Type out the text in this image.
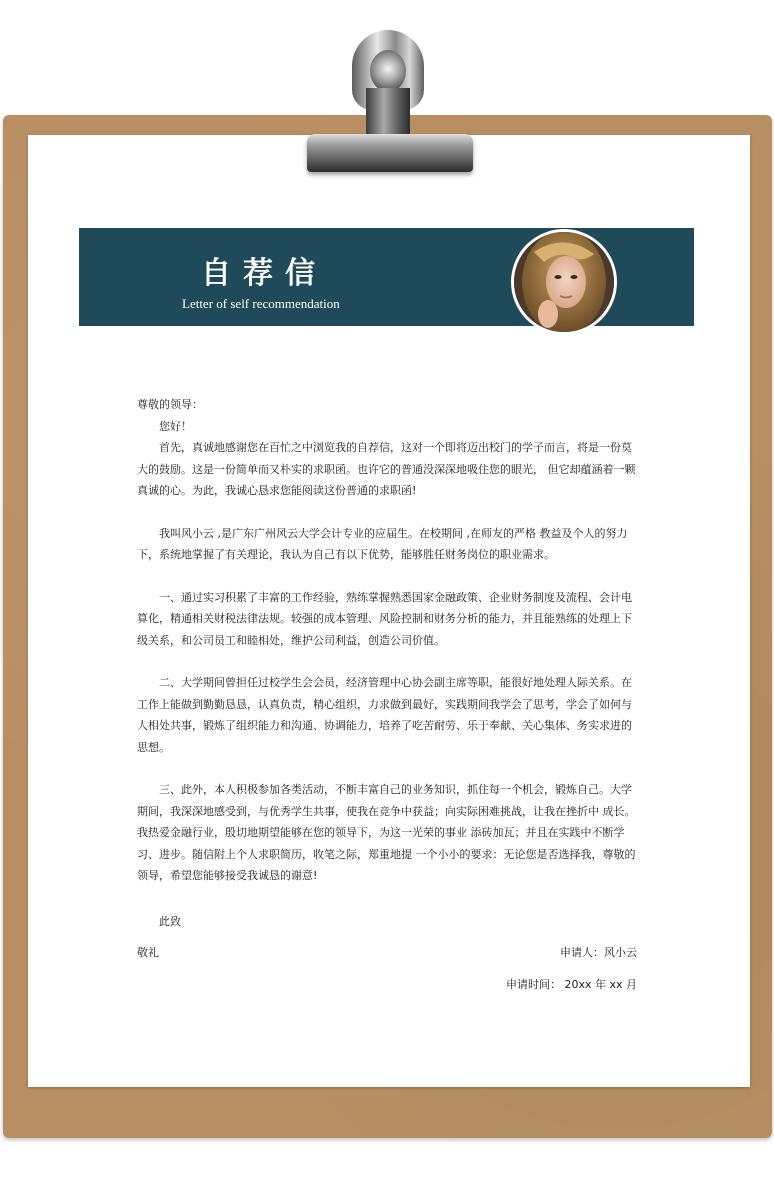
自荐信
Letter of self recommendation

尊敬的领导：

您好！

首先，真诚地感谢您在百忙之中浏览我的自荐信，这对一个即将迈出校门的学子而言，将是一份莫大的鼓励。这是一份简单而又朴实的求职函。也许它的普通没深深地吸住您的眼光， 但它却蕴涵着一颗真诚的心。为此，我诚心恳求您能阅读这份普通的求职函!

我叫风小云 ,是广东广州风云大学会计专业的应届生。在校期间 ,在师友的严格 教益及个人的努力下，系统地掌握了有关理论，我认为自己有以下优势，能够胜任财务岗位的职业需求。

一、通过实习积累了丰富的工作经验，熟练掌握熟悉国家金融政策、企业财务制度及流程、会计电算化，精通相关财税法律法规。较强的成本管理、风险控制和财务分析的能力，并且能熟练的处理上下级关系，和公司员工和睦相处，维护公司利益，创造公司价值。

二、大学期间曾担任过校学生会会员，经济管理中心协会副主席等职，能很好地处理人际关系。在工作上能做到勤勤恳恳，认真负责，精心组织，力求做到最好，实践期间我学会了思考，学会了如何与人相处共事，锻炼了组织能力和沟通、协调能力，培养了吃苦耐劳、乐于奉献、关心集体、务实求进的思想。

三、此外，本人积极参加各类活动，不断丰富自己的业务知识，抓住每一个机会，锻炼自己。大学期间，我深深地感受到，与优秀学生共事，使我在竞争中获益；向实际困难挑战，让我在挫折中 成长。我热爱金融行业，殷切地期望能够在您的领导下，为这一光荣的事业 添砖加瓦；并且在实践中不断学习、进步。随信附上个人求职简历，收笔之际，郑重地提 一个小小的要求：无论您是否选择我，尊敬的领导，希望您能够接受我诚恳的谢意!

此致

敬礼	申请人：风小云

申请时间： 20xx 年 xx 月
